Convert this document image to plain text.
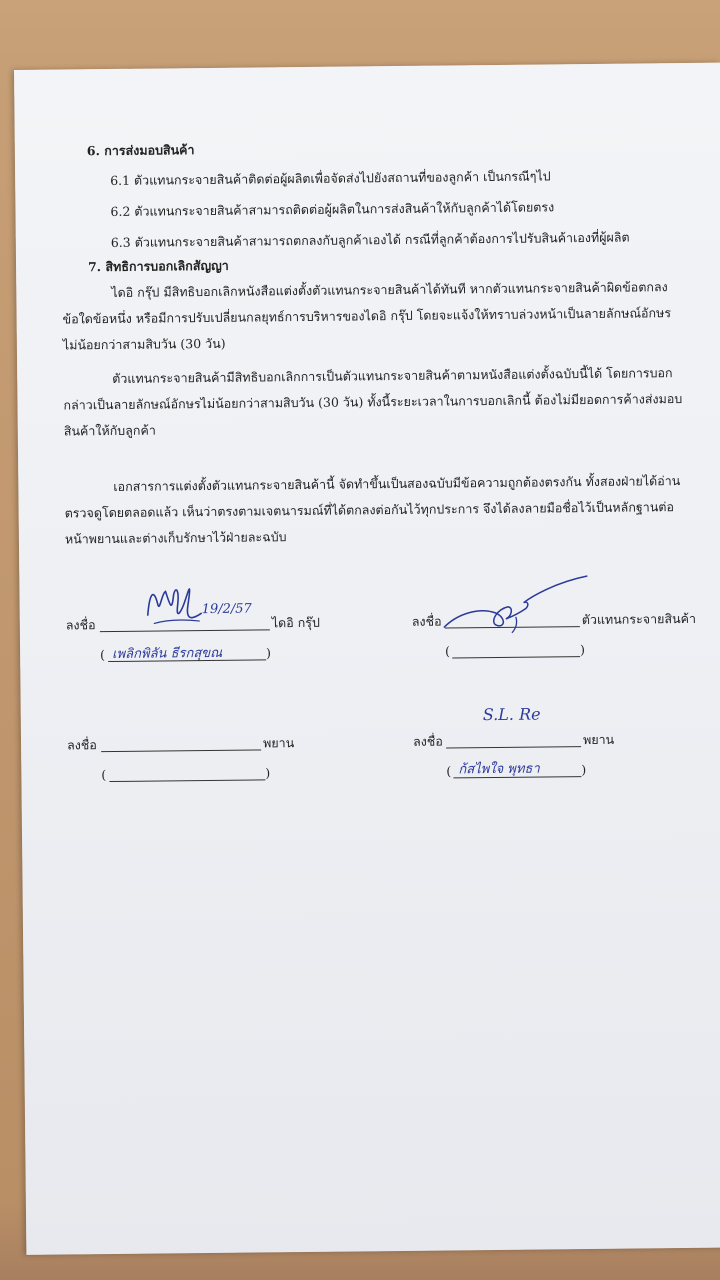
6. การส่งมอบสินค้า
6.1 ตัวแทนกระจายสินค้าติดต่อผู้ผลิตเพื่อจัดส่งไปยังสถานที่ของลูกค้า เป็นกรณีๆไป
6.2 ตัวแทนกระจายสินค้าสามารถติดต่อผู้ผลิตในการส่งสินค้าให้กับลูกค้าได้โดยตรง
6.3 ตัวแทนกระจายสินค้าสามารถตกลงกับลูกค้าเองได้ กรณีที่ลูกค้าต้องการไปรับสินค้าเองที่ผู้ผลิต
7. สิทธิการบอกเลิกสัญญา
ไดอิ กรุ๊ป มีสิทธิบอกเลิกหนังสือแต่งตั้งตัวแทนกระจายสินค้าได้ทันที หากตัวแทนกระจายสินค้าผิดข้อตกลง
ข้อใดข้อหนึ่ง หรือมีการปรับเปลี่ยนกลยุทธ์การบริหารของไดอิ กรุ๊ป โดยจะแจ้งให้ทราบล่วงหน้าเป็นลายลักษณ์อักษร
ไม่น้อยกว่าสามสิบวัน (30 วัน)
ตัวแทนกระจายสินค้ามีสิทธิบอกเลิกการเป็นตัวแทนกระจายสินค้าตามหนังสือแต่งตั้งฉบับนี้ได้ โดยการบอก
กล่าวเป็นลายลักษณ์อักษรไม่น้อยกว่าสามสิบวัน (30 วัน) ทั้งนี้ระยะเวลาในการบอกเลิกนี้ ต้องไม่มียอดการค้างส่งมอบ
สินค้าให้กับลูกค้า
เอกสารการแต่งตั้งตัวแทนกระจายสินค้านี้ จัดทำขึ้นเป็นสองฉบับมีข้อความถูกต้องตรงกัน ทั้งสองฝ่ายได้อ่าน
ตรวจดูโดยตลอดแล้ว เห็นว่าตรงตามเจตนารมณ์ที่ได้ตกลงต่อกันไว้ทุกประการ จึงได้ลงลายมือชื่อไว้เป็นหลักฐานต่อ
หน้าพยานและต่างเก็บรักษาไว้ฝ่ายละฉบับ
ลงชื่อ	ไดอิ กรุ๊ป
19/2/57
( เพลิกพิลัน ธีรกสุขณ	)
ลงชื่อ	ตัวแทนกระจายสินค้า
(	)
ลงชื่อ	พยาน
(	)
ลงชื่อ	พยาน
S.L. Re
( ก้สไพใจ พุทธา	)
